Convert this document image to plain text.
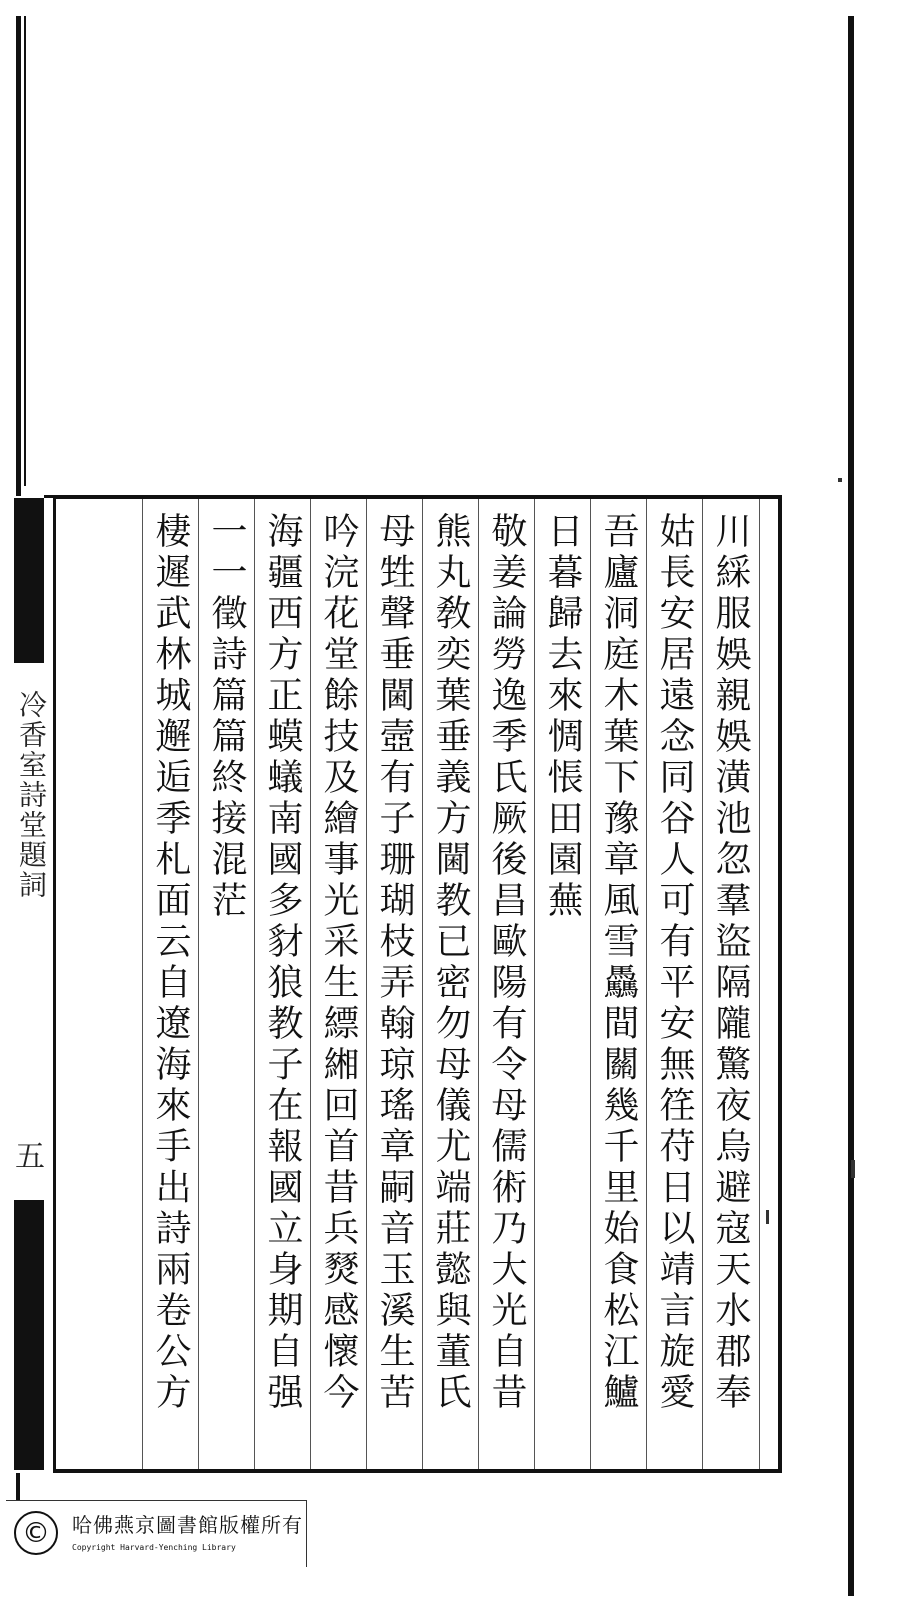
川綵服娛親娛潢池忽羣盜隔隴驚夜烏避寇天水郡奉
姑長安居遠念同谷人可有平安無䇮苻日以靖言旋愛
吾廬洞庭木葉下豫章風雪驫間關幾千里始食松江鱸
日暮歸去來惆悵田園蕪
敬姜論勞逸季氏厥後昌歐陽有令母儒術乃大光自昔
熊丸敎奕葉垂義方閫教已密勿母儀尤端莊懿與董氏
母甡聲垂閫壼有子珊瑚枝弄翰琼瑤章嗣音玉溪生苦
吟浣花堂餘技及繪事光采生縹緗回首昔兵燹感懷今
海疆西方正蟆蟻南國多豺狼教子在報國立身期自强
一一徵詩篇篇終接混茫
棲遲武林城邂逅季札面云自遼海來手出詩兩卷公方
冷香室詩堂題詞
五
©	哈佛燕京圖書館版權所有
Copyright Harvard-Yenching Library
